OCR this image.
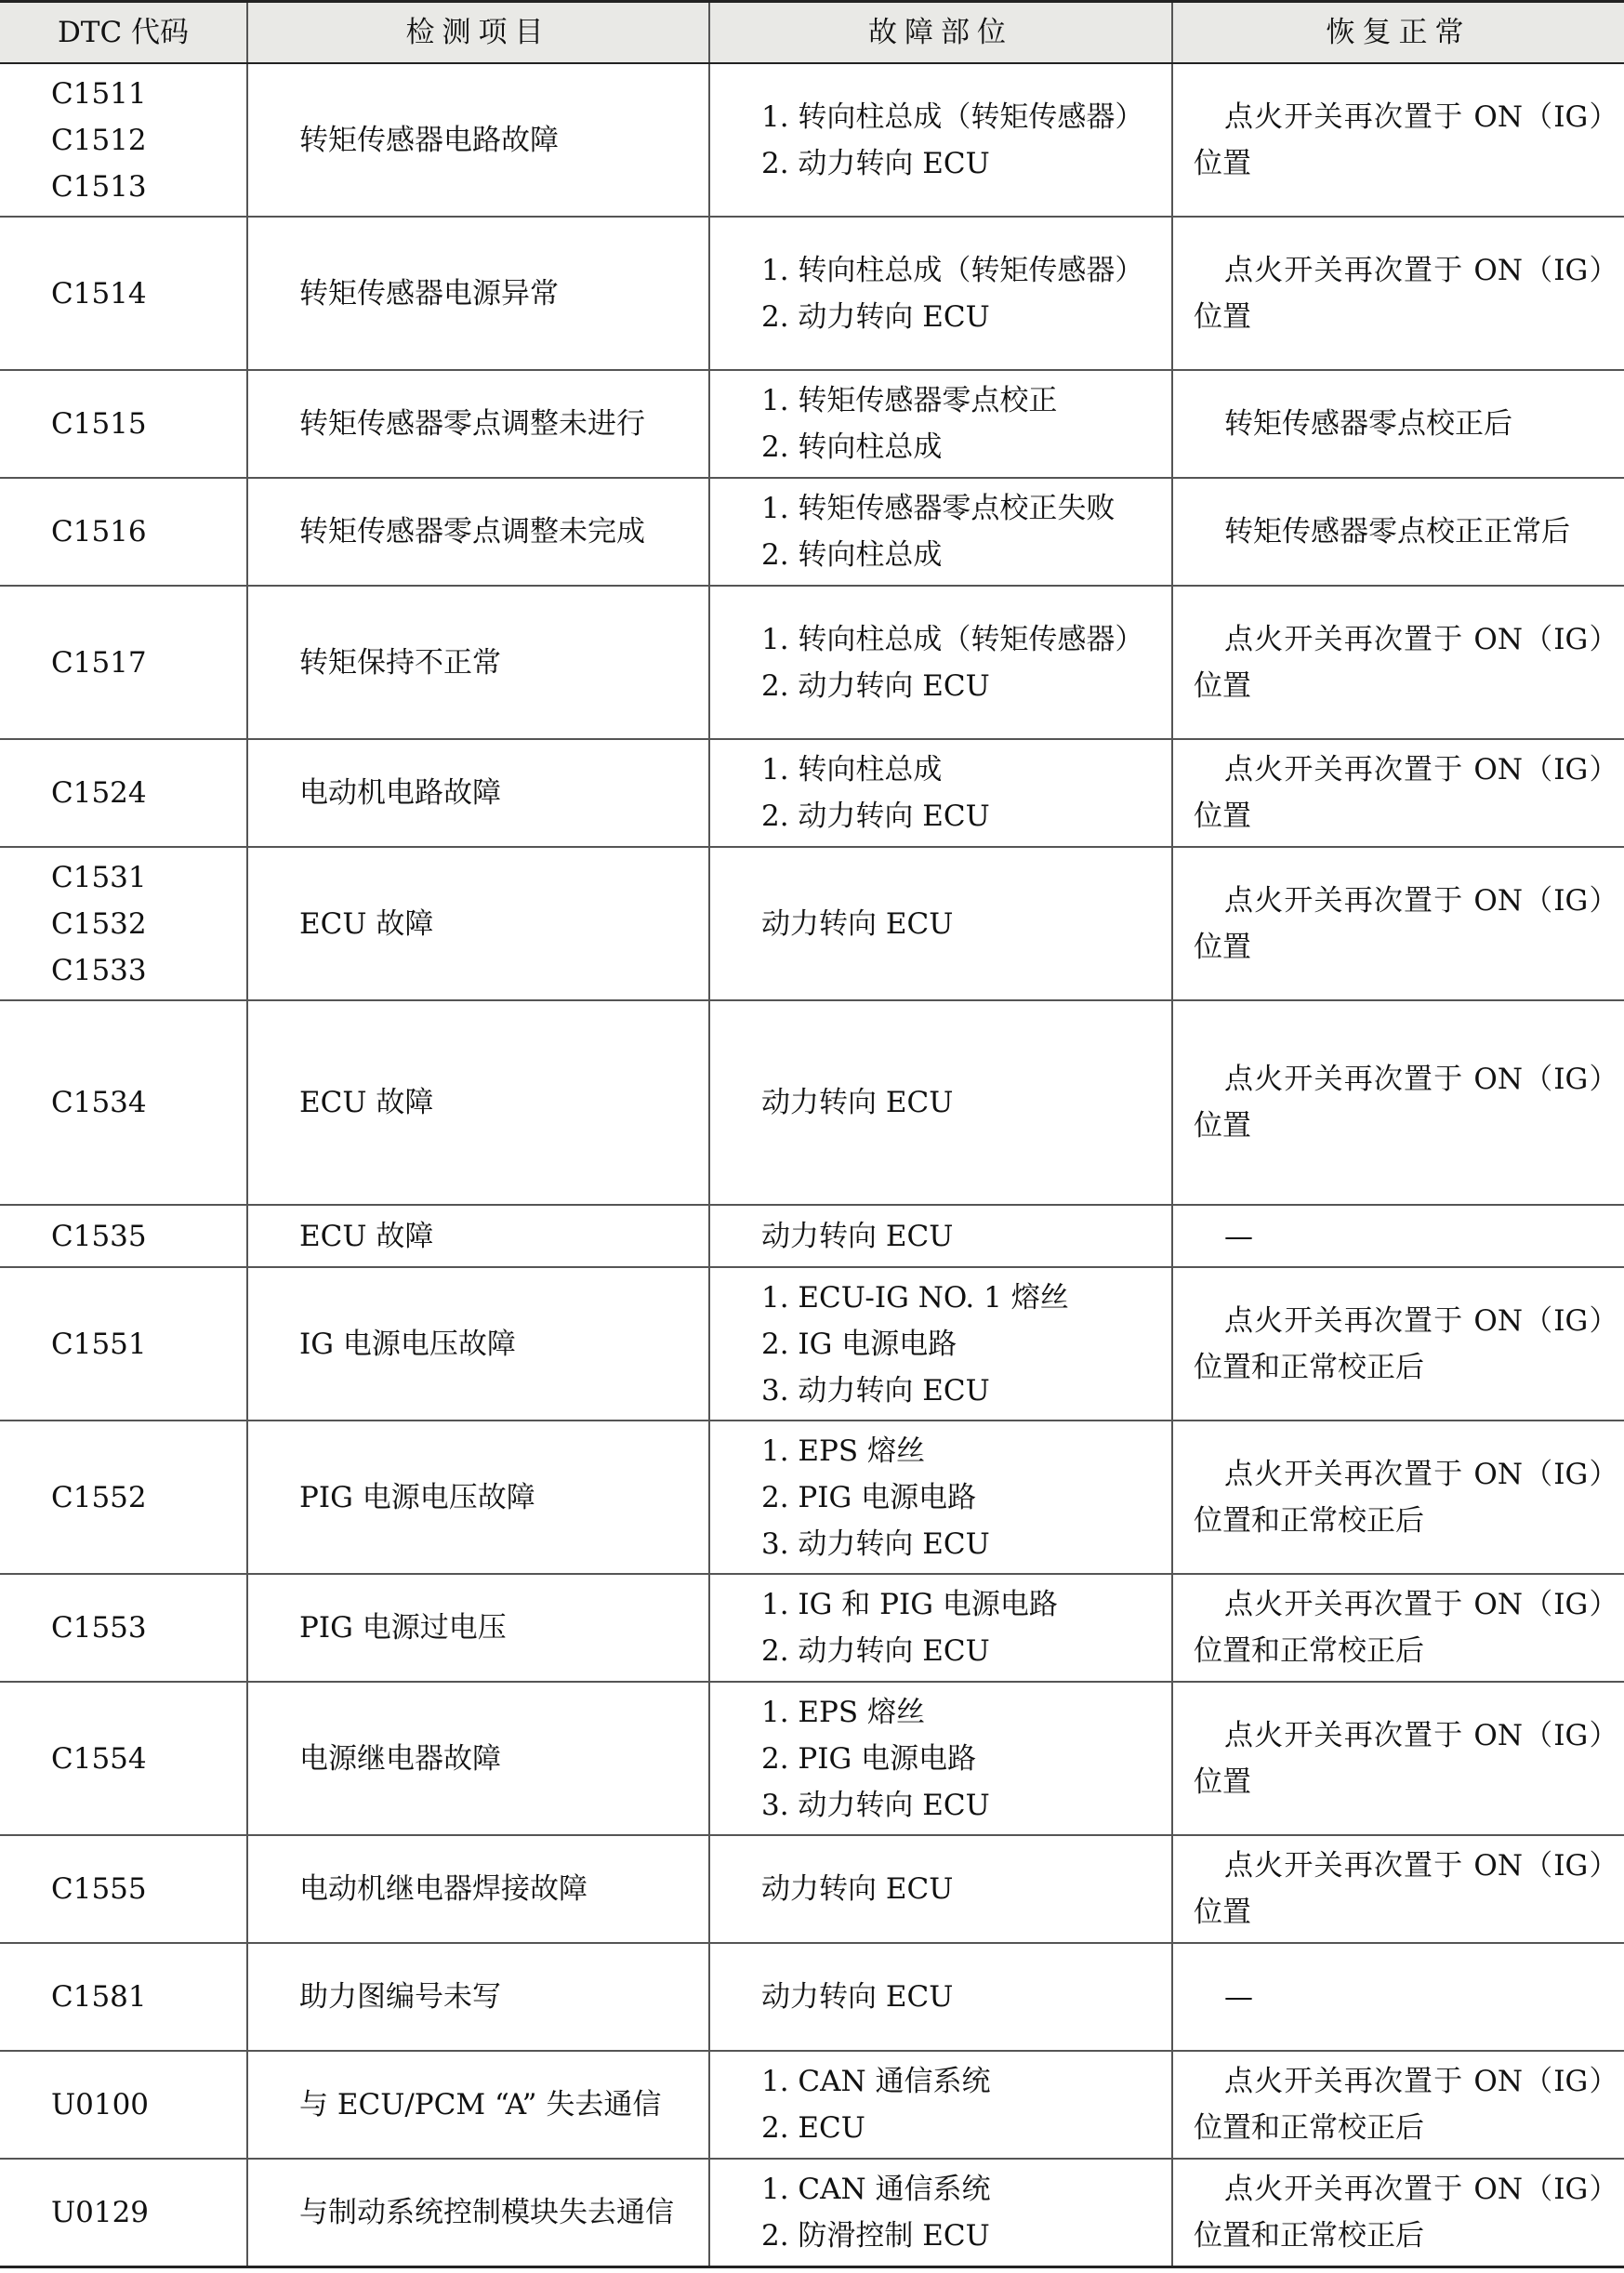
DTC 代码	检测项目	故障部位	恢复正常

C1511
C1512
C1513	转矩传感器电路故障	1. 转向柱总成（转矩传感器）
2. 动力转向 ECU	点火开关再次置于 ON（IG）位置

C1514	转矩传感器电源异常	1. 转向柱总成（转矩传感器）
2. 动力转向 ECU	点火开关再次置于 ON（IG）位置

C1515	转矩传感器零点调整未进行	1. 转矩传感器零点校正
2. 转向柱总成	转矩传感器零点校正后

C1516	转矩传感器零点调整未完成	1. 转矩传感器零点校正失败
2. 转向柱总成	转矩传感器零点校正正常后

C1517	转矩保持不正常	1. 转向柱总成（转矩传感器）
2. 动力转向 ECU	点火开关再次置于 ON（IG）位置

C1524	电动机电路故障	1. 转向柱总成
2. 动力转向 ECU	点火开关再次置于 ON（IG）位置

C1531
C1532
C1533	ECU 故障	动力转向 ECU	点火开关再次置于 ON（IG）位置

C1534	ECU 故障	动力转向 ECU	点火开关再次置于 ON（IG）位置

C1535	ECU 故障	动力转向 ECU	—

C1551	IG 电源电压故障	1. ECU-IG NO. 1 熔丝
2. IG 电源电路
3. 动力转向 ECU	点火开关再次置于 ON（IG）位置和正常校正后

C1552	PIG 电源电压故障	1. EPS 熔丝
2. PIG 电源电路
3. 动力转向 ECU	点火开关再次置于 ON（IG）位置和正常校正后

C1553	PIG 电源过电压	1. IG 和 PIG 电源电路
2. 动力转向 ECU	点火开关再次置于 ON（IG）位置和正常校正后

C1554	电源继电器故障	1. EPS 熔丝
2. PIG 电源电路
3. 动力转向 ECU	点火开关再次置于 ON（IG）位置

C1555	电动机继电器焊接故障	动力转向 ECU	点火开关再次置于 ON（IG）位置

C1581	助力图编号未写	动力转向 ECU	—

U0100	与 ECU/PCM “A” 失去通信	1. CAN 通信系统
2. ECU	点火开关再次置于 ON（IG）位置和正常校正后

U0129	与制动系统控制模块失去通信	1. CAN 通信系统
2. 防滑控制 ECU	点火开关再次置于 ON（IG）位置和正常校正后
